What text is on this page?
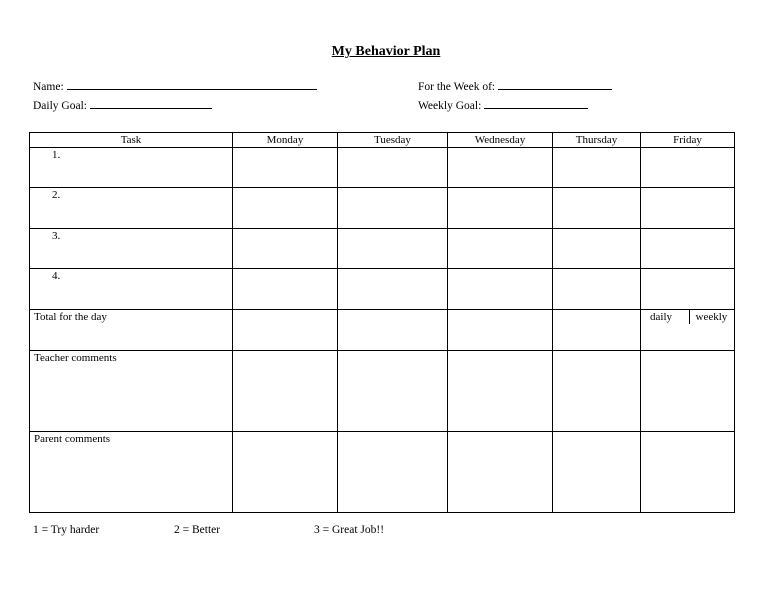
My Behavior Plan
Name:	For the Week of:
Daily Goal:	Weekly Goal:
Task	Monday	Tuesday	Wednesday	Thursday	Friday

1.					

2.					

3.					

4.					

Total for the day					daily weekly

Teacher comments					

Parent comments					

1 = Try harder	2 = Better	3 = Great Job!!
